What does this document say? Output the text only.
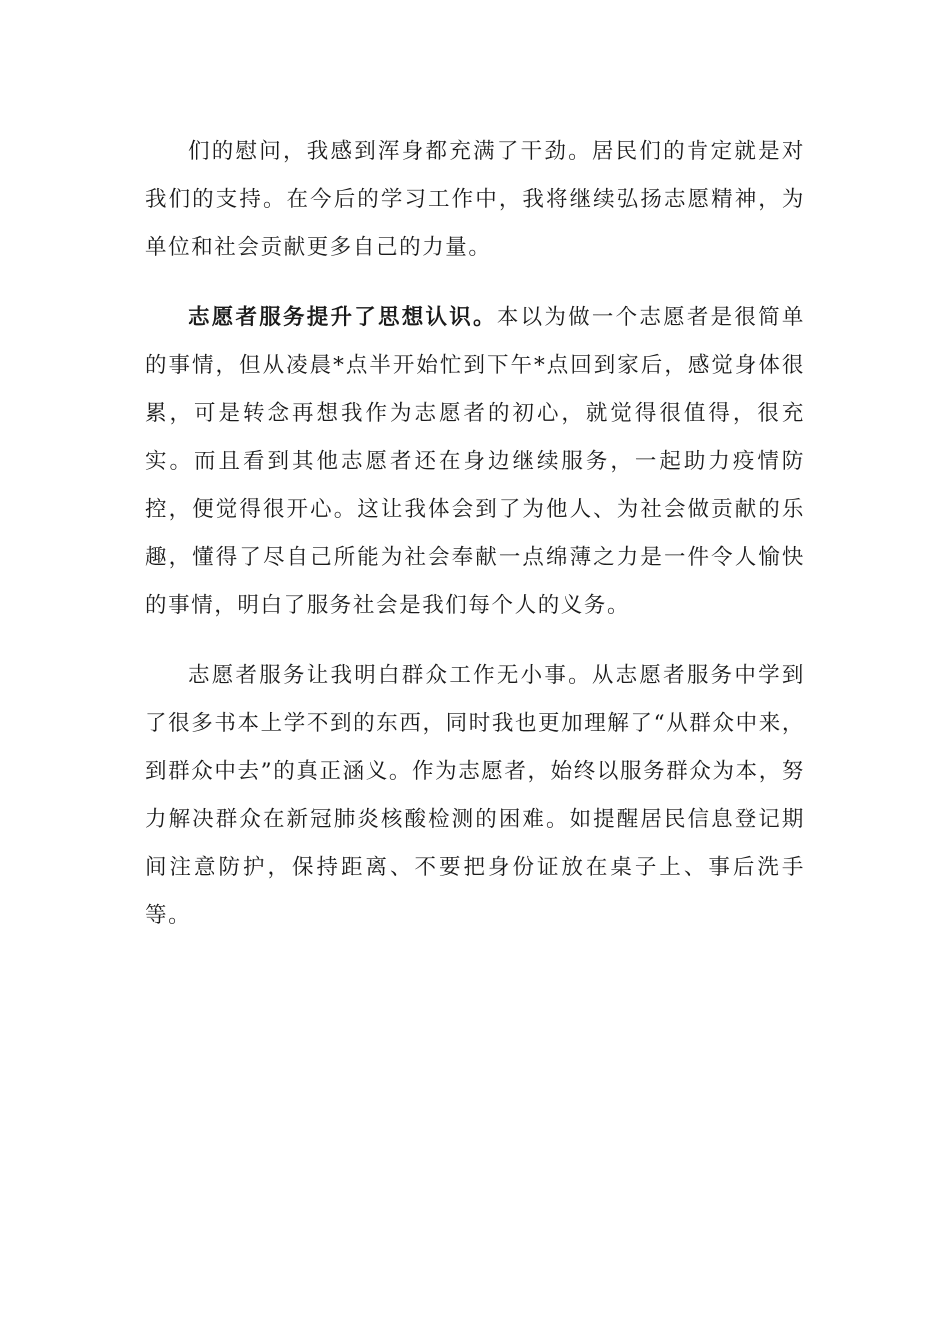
们的慰问，我感到浑身都充满了干劲。居民们的肯定就是对我们的支持。在今后的学习工作中，我将继续弘扬志愿精神，为单位和社会贡献更多自己的力量。

志愿者服务提升了思想认识。本以为做一个志愿者是很简单的事情，但从凌晨*点半开始忙到下午*点回到家后，感觉身体很累，可是转念再想我作为志愿者的初心，就觉得很值得，很充实。而且看到其他志愿者还在身边继续服务，一起助力疫情防控，便觉得很开心。这让我体会到了为他人、为社会做贡献的乐趣，懂得了尽自己所能为社会奉献一点绵薄之力是一件令人愉快的事情，明白了服务社会是我们每个人的义务。

志愿者服务让我明白群众工作无小事。从志愿者服务中学到了很多书本上学不到的东西，同时我也更加理解了“从群众中来，到群众中去”的真正涵义。作为志愿者，始终以服务群众为本，努力解决群众在新冠肺炎核酸检测的困难。如提醒居民信息登记期间注意防护，保持距离、不要把身份证放在桌子上、事后洗手等。
